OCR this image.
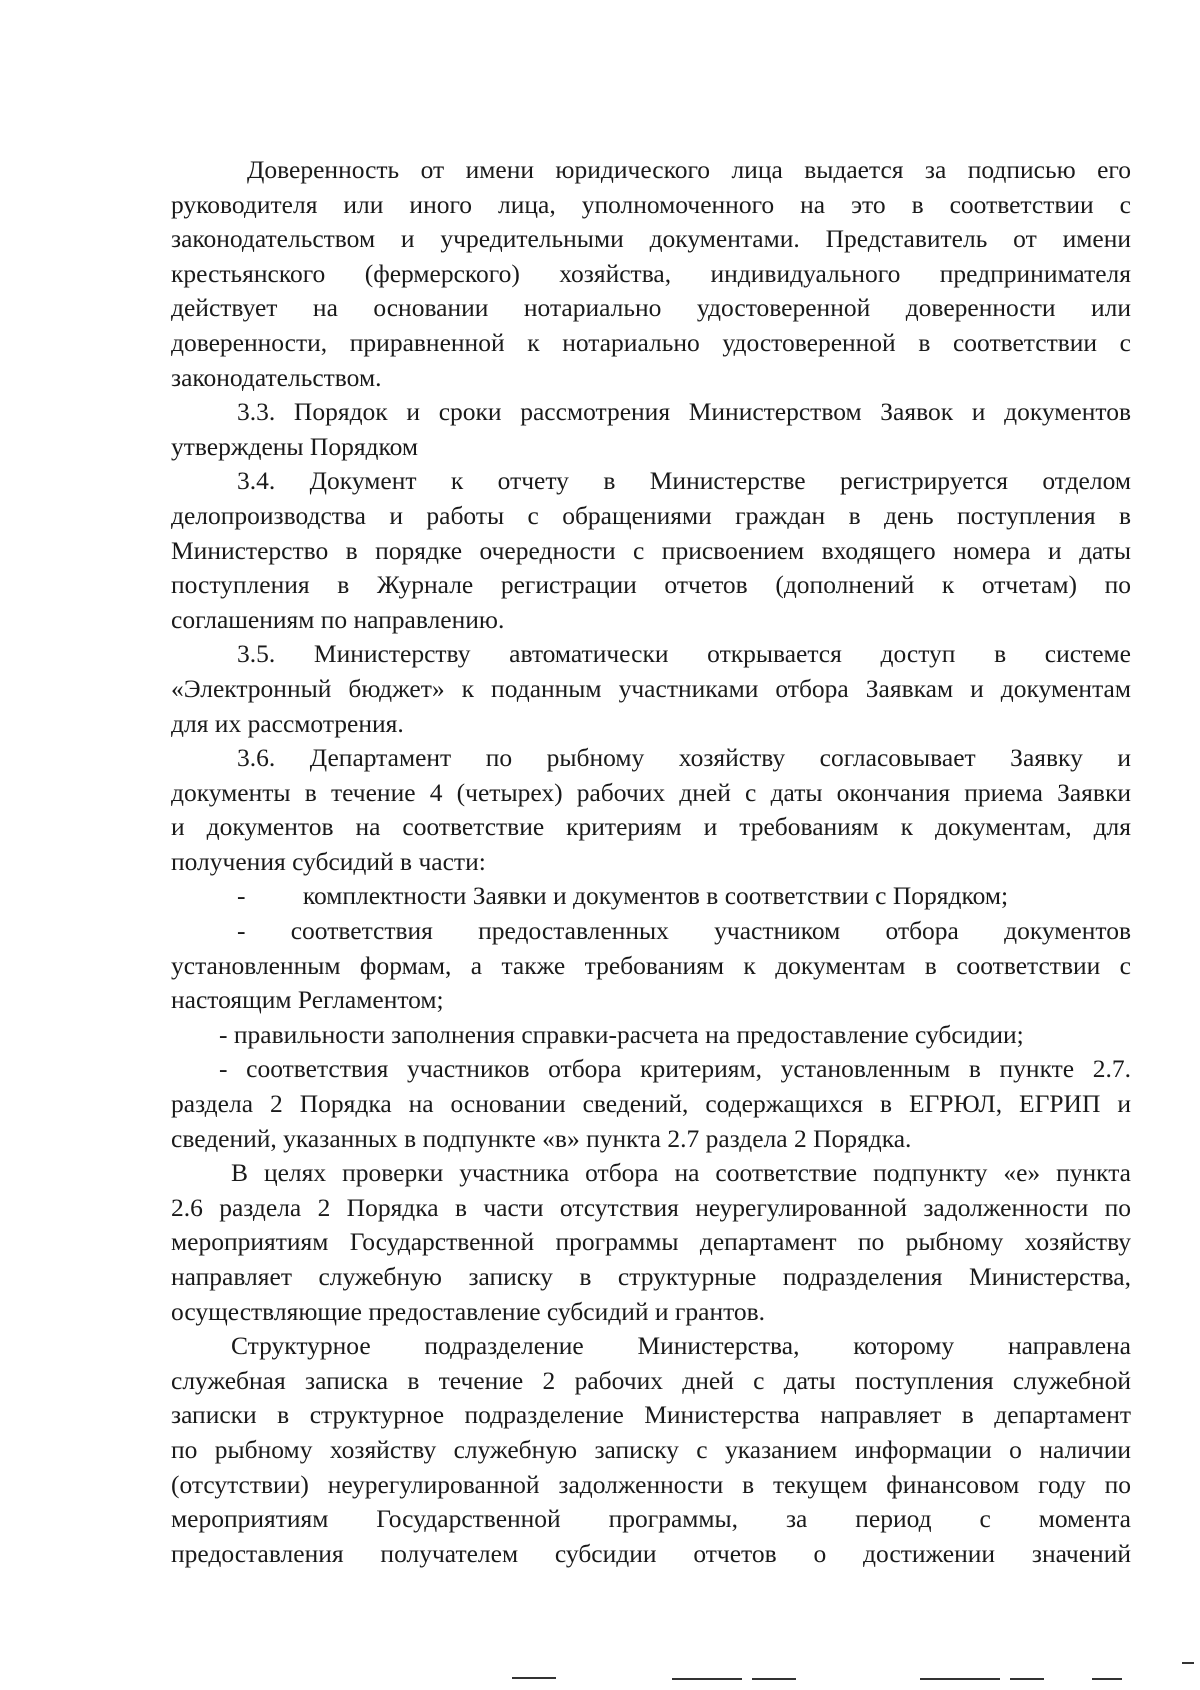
Доверенность от имени юридического лица выдается за подписью его
руководителя или иного лица, уполномоченного на это в соответствии с
законодательством и учредительными документами. Представитель от имени
крестьянского (фермерского) хозяйства, индивидуального предпринимателя
действует на основании нотариально удостоверенной доверенности или
доверенности, приравненной к нотариально удостоверенной в соответствии с
законодательством.
3.3. Порядок и сроки рассмотрения Министерством Заявок и документов
утверждены Порядком
3.4. Документ к отчету в Министерстве регистрируется отделом
делопроизводства и работы с обращениями граждан в день поступления в
Министерство в порядке очередности с присвоением входящего номера и даты
поступления в Журнале регистрации отчетов (дополнений к отчетам) по
соглашениям по направлению.
3.5. Министерству автоматически открывается доступ в системе
«Электронный бюджет» к поданным участниками отбора Заявкам и документам
для их рассмотрения.
3.6. Департамент по рыбному хозяйству согласовывает Заявку и
документы в течение 4 (четырех) рабочих дней с даты окончания приема Заявки
и документов на соответствие критериям и требованиям к документам, для
получения субсидий в части:
-         комплектности Заявки и документов в соответствии с Порядком;
- соответствия предоставленных участником отбора документов
установленным формам, а также требованиям к документам в соответствии с
настоящим Регламентом;
- правильности заполнения справки-расчета на предоставление субсидии;
- соответствия участников отбора критериям, установленным в пункте 2.7.
раздела 2 Порядка на основании сведений, содержащихся в ЕГРЮЛ, ЕГРИП и
сведений, указанных в подпункте «в» пункта 2.7 раздела 2 Порядка.
В целях проверки участника отбора на соответствие подпункту «е» пункта
2.6 раздела 2 Порядка в части отсутствия неурегулированной задолженности по
мероприятиям Государственной программы департамент по рыбному хозяйству
направляет служебную записку в структурные подразделения Министерства,
осуществляющие предоставление субсидий и грантов.
Структурное подразделение Министерства, которому направлена
служебная записка в течение 2 рабочих дней с даты поступления служебной
записки в структурное подразделение Министерства направляет в департамент
по рыбному хозяйству служебную записку с указанием информации о наличии
(отсутствии) неурегулированной задолженности в текущем финансовом году по
мероприятиям Государственной программы, за период с момента
предоставления получателем субсидии отчетов о достижении значений
